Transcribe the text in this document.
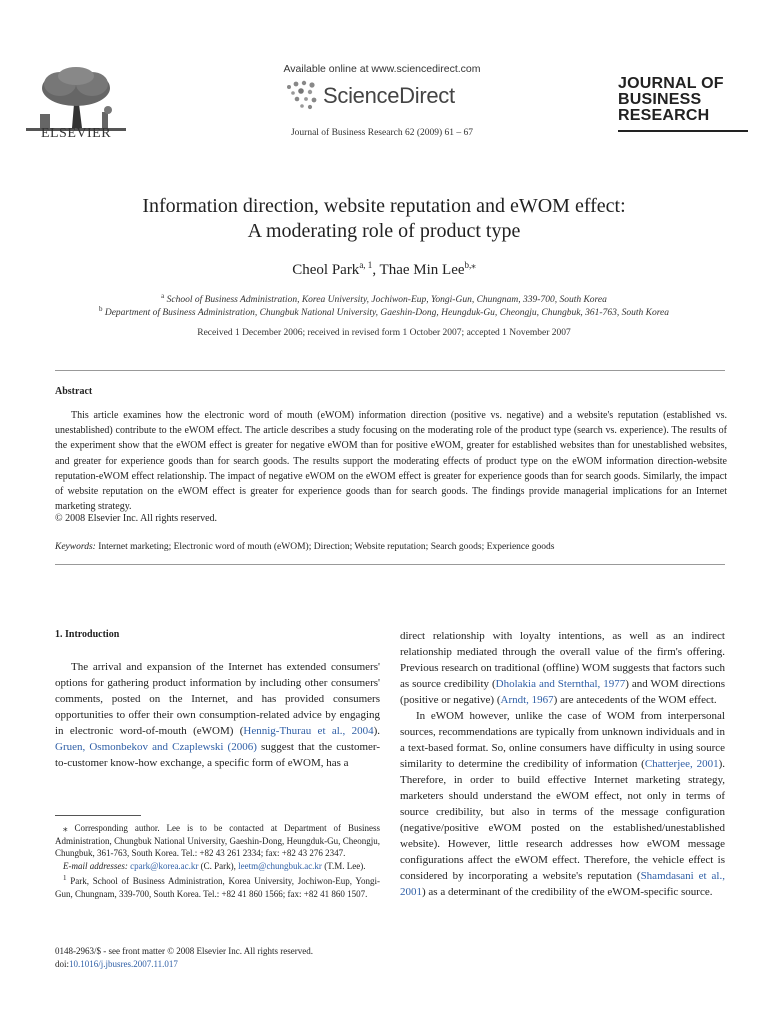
ELSEVIER
Available online at www.sciencedirect.com
ScienceDirect
Journal of Business Research 62 (2009) 61 – 67
JOURNAL OF
BUSINESS
RESEARCH
Information direction, website reputation and eWOM effect:
A moderating role of product type
Cheol Park$^{a, 1}$, Thae Min Lee$^{b,⁎}$
$^a$ School of Business Administration, Korea University, Jochiwon-Eup, Yongi-Gun, Chungnam, 339-700, South Korea
$^b$ Department of Business Administration, Chungbuk National University, Gaeshin-Dong, Heungduk-Gu, Cheongju, Chungbuk, 361-763, South Korea
Received 1 December 2006; received in revised form 1 October 2007; accepted 1 November 2007
Abstract
This article examines how the electronic word of mouth (eWOM) information direction (positive vs. negative) and a website's reputation (established vs. unestablished) contribute to the eWOM effect. The article describes a study focusing on the moderating role of the product type (search vs. experience). The results of the experiment show that the eWOM effect is greater for negative eWOM than for positive eWOM, greater for established websites than for unestablished websites, and greater for experience goods than for search goods. The results support the moderating effects of product type on the eWOM information direction-website reputation-eWOM effect relationship. The impact of negative eWOM on the eWOM effect is greater for experience goods than for search goods. Similarly, the impact of website reputation on the eWOM effect is greater for experience goods than for search goods. The findings provide managerial implications for an Internet marketing strategy.
© 2008 Elsevier Inc. All rights reserved.
Keywords: Internet marketing; Electronic word of mouth (eWOM); Direction; Website reputation; Search goods; Experience goods
1. Introduction

The arrival and expansion of the Internet has extended consumers' options for gathering product information by including other consumers' comments, posted on the Internet, and has provided consumers opportunities to offer their own consumption-related advice by engaging in electronic word-of-mouth (eWOM) (Hennig-Thurau et al., 2004). Gruen, Osmonbekov and Czaplewski (2006) suggest that the customer-to-customer know-how exchange, a specific form of eWOM, has a

direct relationship with loyalty intentions, as well as an indirect relationship mediated through the overall value of the firm's offering. Previous research on traditional (offline) WOM suggests that factors such as source credibility (Dholakia and Sternthal, 1977) and WOM directions (positive or negative) (Arndt, 1967) are antecedents of the WOM effect.

In eWOM however, unlike the case of WOM from interpersonal sources, recommendations are typically from unknown individuals and in a text-based format. So, online consumers have difficulty in using source similarity to determine the credibility of information (Chatterjee, 2001). Therefore, in order to build effective Internet marketing strategy, marketers should understand the eWOM effect, not only in terms of source credibility, but also in terms of the message configuration (negative/positive eWOM posted on the established/unestablished website). However, little research addresses how eWOM message configurations affect the eWOM effect. Therefore, the vehicle effect is considered by incorporating a website's reputation (Shamdasani et al., 2001) as a determinant of the credibility of the eWOM-specific source.

⁎ Corresponding author. Lee is to be contacted at Department of Business Administration, Chungbuk National University, Gaeshin-Dong, Heungduk-Gu, Cheongju, Chungbuk, 361-763, South Korea. Tel.: +82 43 261 2334; fax: +82 43 276 2347.

E-mail addresses: cpark@korea.ac.kr (C. Park), leetm@chungbuk.ac.kr (T.M. Lee).

$^1$ Park, School of Business Administration, Korea University, Jochiwon-Eup, Yongi-Gun, Chungnam, 339-700, South Korea. Tel.: +82 41 860 1566; fax: +82 41 860 1507.

0148-2963/$ - see front matter © 2008 Elsevier Inc. All rights reserved.
doi:10.1016/j.jbusres.2007.11.017
